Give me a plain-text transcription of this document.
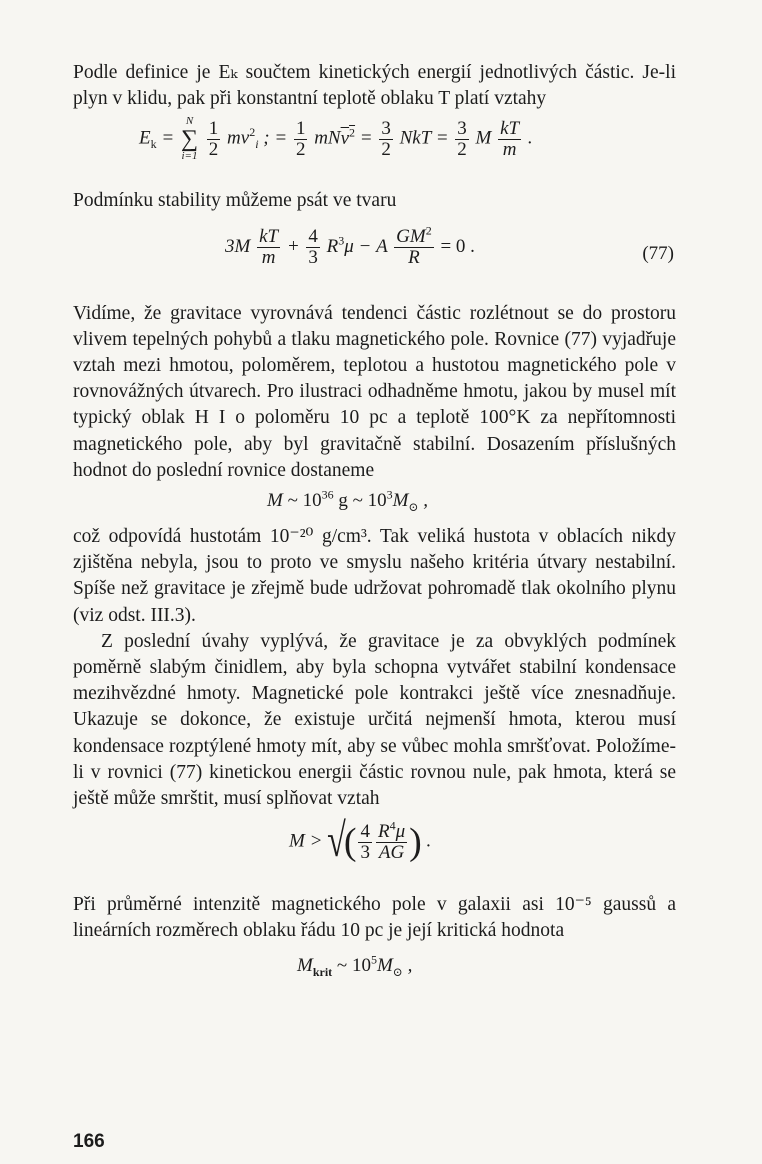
Podle definice je Eₖ součtem kinetických energií jednotlivých částic. Je-li plyn v klidu, pak při konstantní teplotě oblaku T platí vztahy

$E_k$ =
N
∑
i=1
$\frac{1}{2} mv^2_i$ ; = $\frac{1}{2} mNv^2 = \frac{3}{2}$ NkT = $\frac{3}{2}$ M $\frac{kT}{m}$ .

Podmínku stability můžeme psát ve tvaru

$3M \frac{kT}{m} + \frac{4}{3} R^3\mu - A \frac{GM^2}{R} = 0$ .	(77)

Vidíme, že gravitace vyrovnává tendenci částic rozlétnout se do prostoru vlivem tepelných pohybů a tlaku magnetického pole. Rovnice (77) vyjadřuje vztah mezi hmotou, poloměrem, teplotou a hustotou magnetického pole v rovnovážných útvarech. Pro ilustraci odhadněme hmotu, jakou by musel mít typický oblak H I o poloměru 10 pc a teplotě 100°K za nepřítomnosti magnetického pole, aby byl gravitačně stabilní. Dosazením příslušných hodnot do poslední rovnice dostaneme

M ~ $10^{36}$ g ~ $10^3M_⊙$ ,

což odpovídá hustotám 10⁻²⁰ g/cm³. Tak veliká hustota v oblacích nikdy zjištěna nebyla, jsou to proto ve smyslu našeho kritéria útvary nestabilní. Spíše než gravitace je zřejmě bude udržovat pohromadě tlak okolního plynu (viz odst. III.3).

Z poslední úvahy vyplývá, že gravitace je za obvyklých podmínek poměrně slabým činidlem, aby byla schopna vytvářet stabilní kondensace mezihvězdné hmoty. Magnetické pole kontrakci ještě více znesnadňuje. Ukazuje se dokonce, že existuje určitá nejmenší hmota, kterou musí kondensace rozptýlené hmoty mít, aby se vůbec mohla smršťovat. Položíme-li v rovnici (77) kinetickou energii částic rovnou nule, pak hmota, která se ještě může smrštit, musí splňovat vztah

M > √( $\frac{4}{3} \frac{R^4\mu}{AG}$ ) .

Při průměrné intenzitě magnetického pole v galaxii asi 10⁻⁵ gaussů a lineárních rozměrech oblaku řádu 10 pc je její kritická hodnota

$M_{krit}$ ~ $10^5M_⊙$ ,
166
